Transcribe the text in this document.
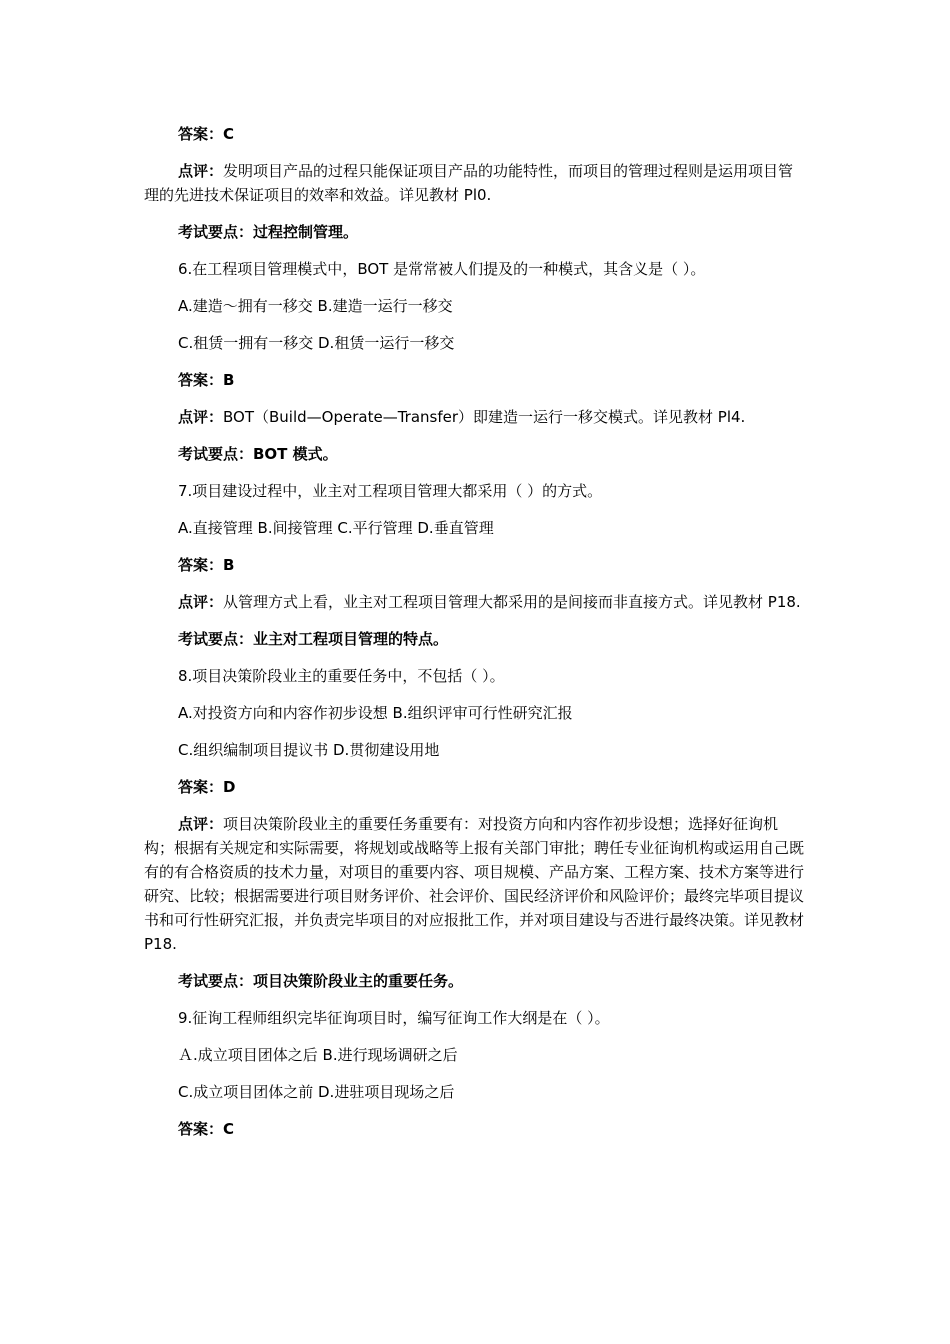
答案：C

点评：发明项目产品的过程只能保证项目产品的功能特性，而项目的管理过程则是运用项目管理的先进技术保证项目的效率和效益。详见教材 Pl0.

考试要点：过程控制管理。

6.在工程项目管理模式中，BOT 是常常被人们提及的一种模式，其含义是（ ）。

A.建造～拥有一移交 B.建造一运行一移交

C.租赁一拥有一移交 D.租赁一运行一移交

答案：B

点评：BOT（Build—Operate—Transfer）即建造一运行一移交模式。详见教材 Pl4.

考试要点：BOT 模式。

7.项目建设过程中，业主对工程项目管理大都采用（ ）的方式。

A.直接管理 B.间接管理 C.平行管理 D.垂直管理

答案：B

点评：从管理方式上看，业主对工程项目管理大都采用的是间接而非直接方式。详见教材 P18.

考试要点：业主对工程项目管理的特点。

8.项目决策阶段业主的重要任务中，不包括（ ）。

A.对投资方向和内容作初步设想 B.组织评审可行性研究汇报

C.组织编制项目提议书 D.贯彻建设用地

答案：D

点评：项目决策阶段业主的重要任务重要有：对投资方向和内容作初步设想；选择好征询机构；根据有关规定和实际需要，将规划或战略等上报有关部门审批；聘任专业征询机构或运用自己既有的有合格资质的技术力量，对项目的重要内容、项目规模、产品方案、工程方案、技术方案等进行研究、比较；根据需要进行项目财务评价、社会评价、国民经济评价和风险评价；最终完毕项目提议书和可行性研究汇报，并负责完毕项目的对应报批工作，并对项目建设与否进行最终决策。详见教材 P18.

考试要点：项目决策阶段业主的重要任务。

9.征询工程师组织完毕征询项目时，编写征询工作大纲是在（ ）。

Ａ.成立项目团体之后 B.进行现场调研之后

C.成立项目团体之前 D.进驻项目现场之后

答案：C
